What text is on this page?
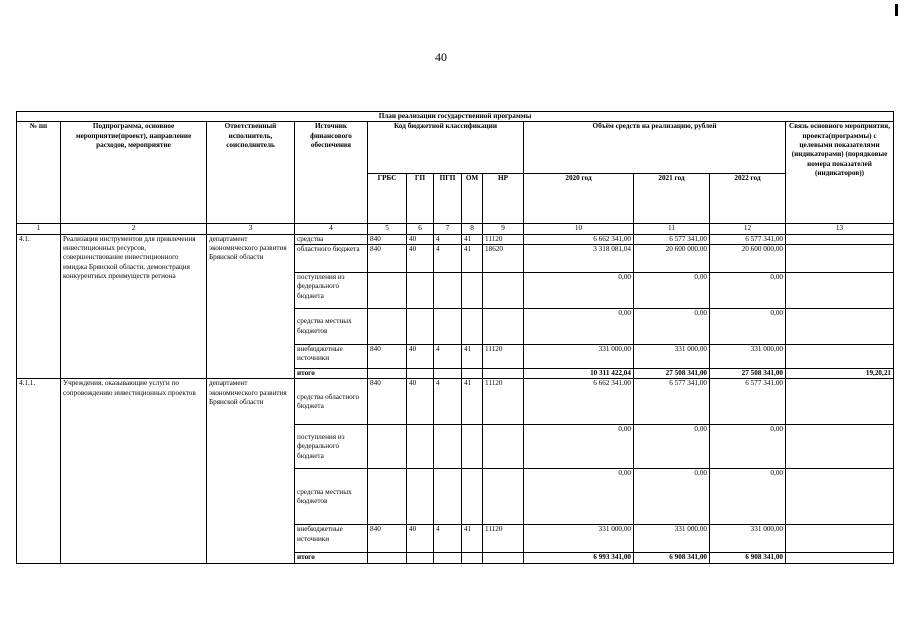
40
План реализации государственной программы												
№ пп	Подпрограмма, основное мероприятие(проект), направление расходов, мероприятие	Ответственный исполнитель, соисполнитель	Источник финансового обеспечения	Код бюджетной классификации					Объём средств на реализацию, рублей			Связь основного мероприятия, проекта(программы) с целевыми показателями (индикаторами) (порядковые номера показателей (индикаторов))
				ГРБС	ГП	ПГП	ОМ	НР	2020 год	2021 год	2022 год	
1	2	3	4	5	6	7	8	9	10	11	12	13
4.1.	Реализация инструментов для привлечения инвестиционных ресурсов, совершенствование инвестиционного имиджа Брянской области, демонстрация конкурентных преимуществ региона	департамент экономического развития Брянской области	средства	840	40	4	41	11120	6 662 341,00	6 577 341,00	6 577 341,00	
			областного бюджета	840	40	4	41	18620	3 318 081,04	20 600 000,00	20 600 000,00	
			поступления из федерального бюджета						0,00	0,00	0,00	
			средства местных бюджетов						0,00	0,00	0,00	
			внебюджетные источники	840	40	4	41	11120	331 000,00	331 000,00	331 000,00	
			итого						10 311 422,04	27 508 341,00	27 508 341,00	19,20,21
4.1.1.	Учреждения, оказывающие услуги по сопровождению инвестиционных проектов	департамент экономического развития Брянской области	средства областного бюджета	840	40	4	41	11120	6 662 341,00	6 577 341,00	6 577 341,00	
			поступления из федерального бюджета						0,00	0,00	0,00	
			средства местных бюджетов						0,00	0,00	0,00	
			внебюджетные источники	840	40	4	41	11120	331 000,00	331 000,00	331 000,00	
			итого						6 993 341,00	6 908 341,00	6 908 341,00	
